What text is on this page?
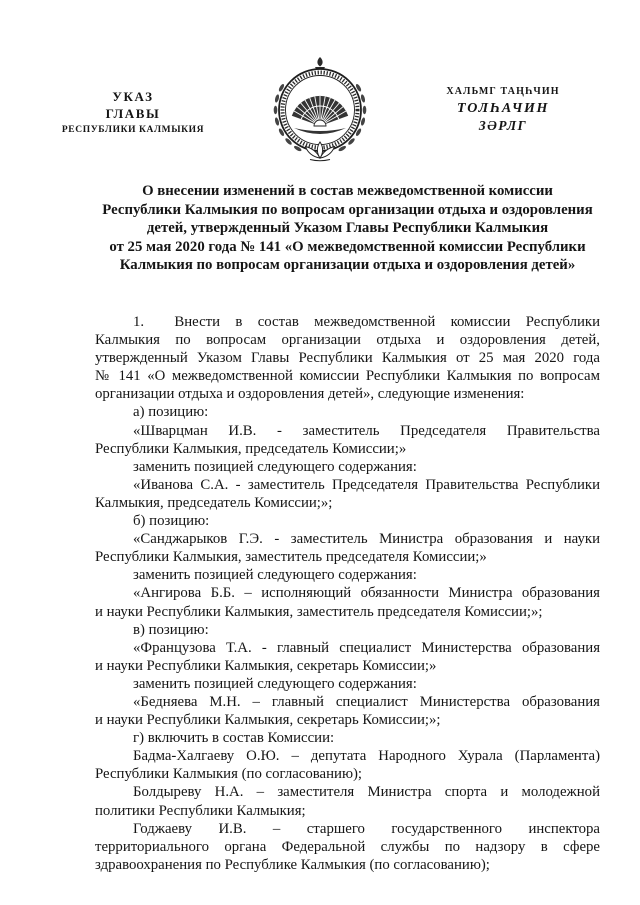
УКАЗ
ГЛАВЫ
РЕСПУБЛИКИ КАЛМЫКИЯ
ХАЛЬМГ ТАҢҺЧИН
ТОЛҺАЧИН
ЗӘРЛГ
О внесении изменений в состав межведомственной комиссии
Республики Калмыкия по вопросам организации отдыха и оздоровления
детей, утвержденный Указом Главы Республики Калмыкия
от 25 мая 2020 года № 141 «О межведомственной комиссии Республики
Калмыкия по вопросам организации отдыха и оздоровления детей»
1. Внести в состав межведомственной комиссии Республики
Калмыкия по вопросам организации отдыха и оздоровления детей,
утвержденный Указом Главы Республики Калмыкия от 25 мая 2020 года
№ 141 «О межведомственной комиссии Республики Калмыкия по вопросам
организации отдыха и оздоровления детей», следующие изменения:
а) позицию:
«Шварцман И.В. - заместитель Председателя Правительства
Республики Калмыкия, председатель Комиссии;»
заменить позицией следующего содержания:
«Иванова С.А. - заместитель Председателя Правительства Республики
Калмыкия, председатель Комиссии;»;
б) позицию:
«Санджарыков Г.Э. - заместитель Министра образования и науки
Республики Калмыкия, заместитель председателя Комиссии;»
заменить позицией следующего содержания:
«Ангирова Б.Б. – исполняющий обязанности Министра образования
и науки Республики Калмыкия, заместитель председателя Комиссии;»;
в) позицию:
«Французова Т.А. - главный специалист Министерства образования
и науки Республики Калмыкия, секретарь Комиссии;»
заменить позицией следующего содержания:
«Бедняева М.Н. – главный специалист Министерства образования
и науки Республики Калмыкия, секретарь Комиссии;»;
г) включить в состав Комиссии:
Бадма-Халгаеву О.Ю. – депутата Народного Хурала (Парламента)
Республики Калмыкия (по согласованию);
Болдыреву Н.А. – заместителя Министра спорта и молодежной
политики Республики Калмыкия;
Годжаеву И.В. – старшего государственного инспектора
территориального органа Федеральной службы по надзору в сфере
здравоохранения по Республике Калмыкия (по согласованию);
